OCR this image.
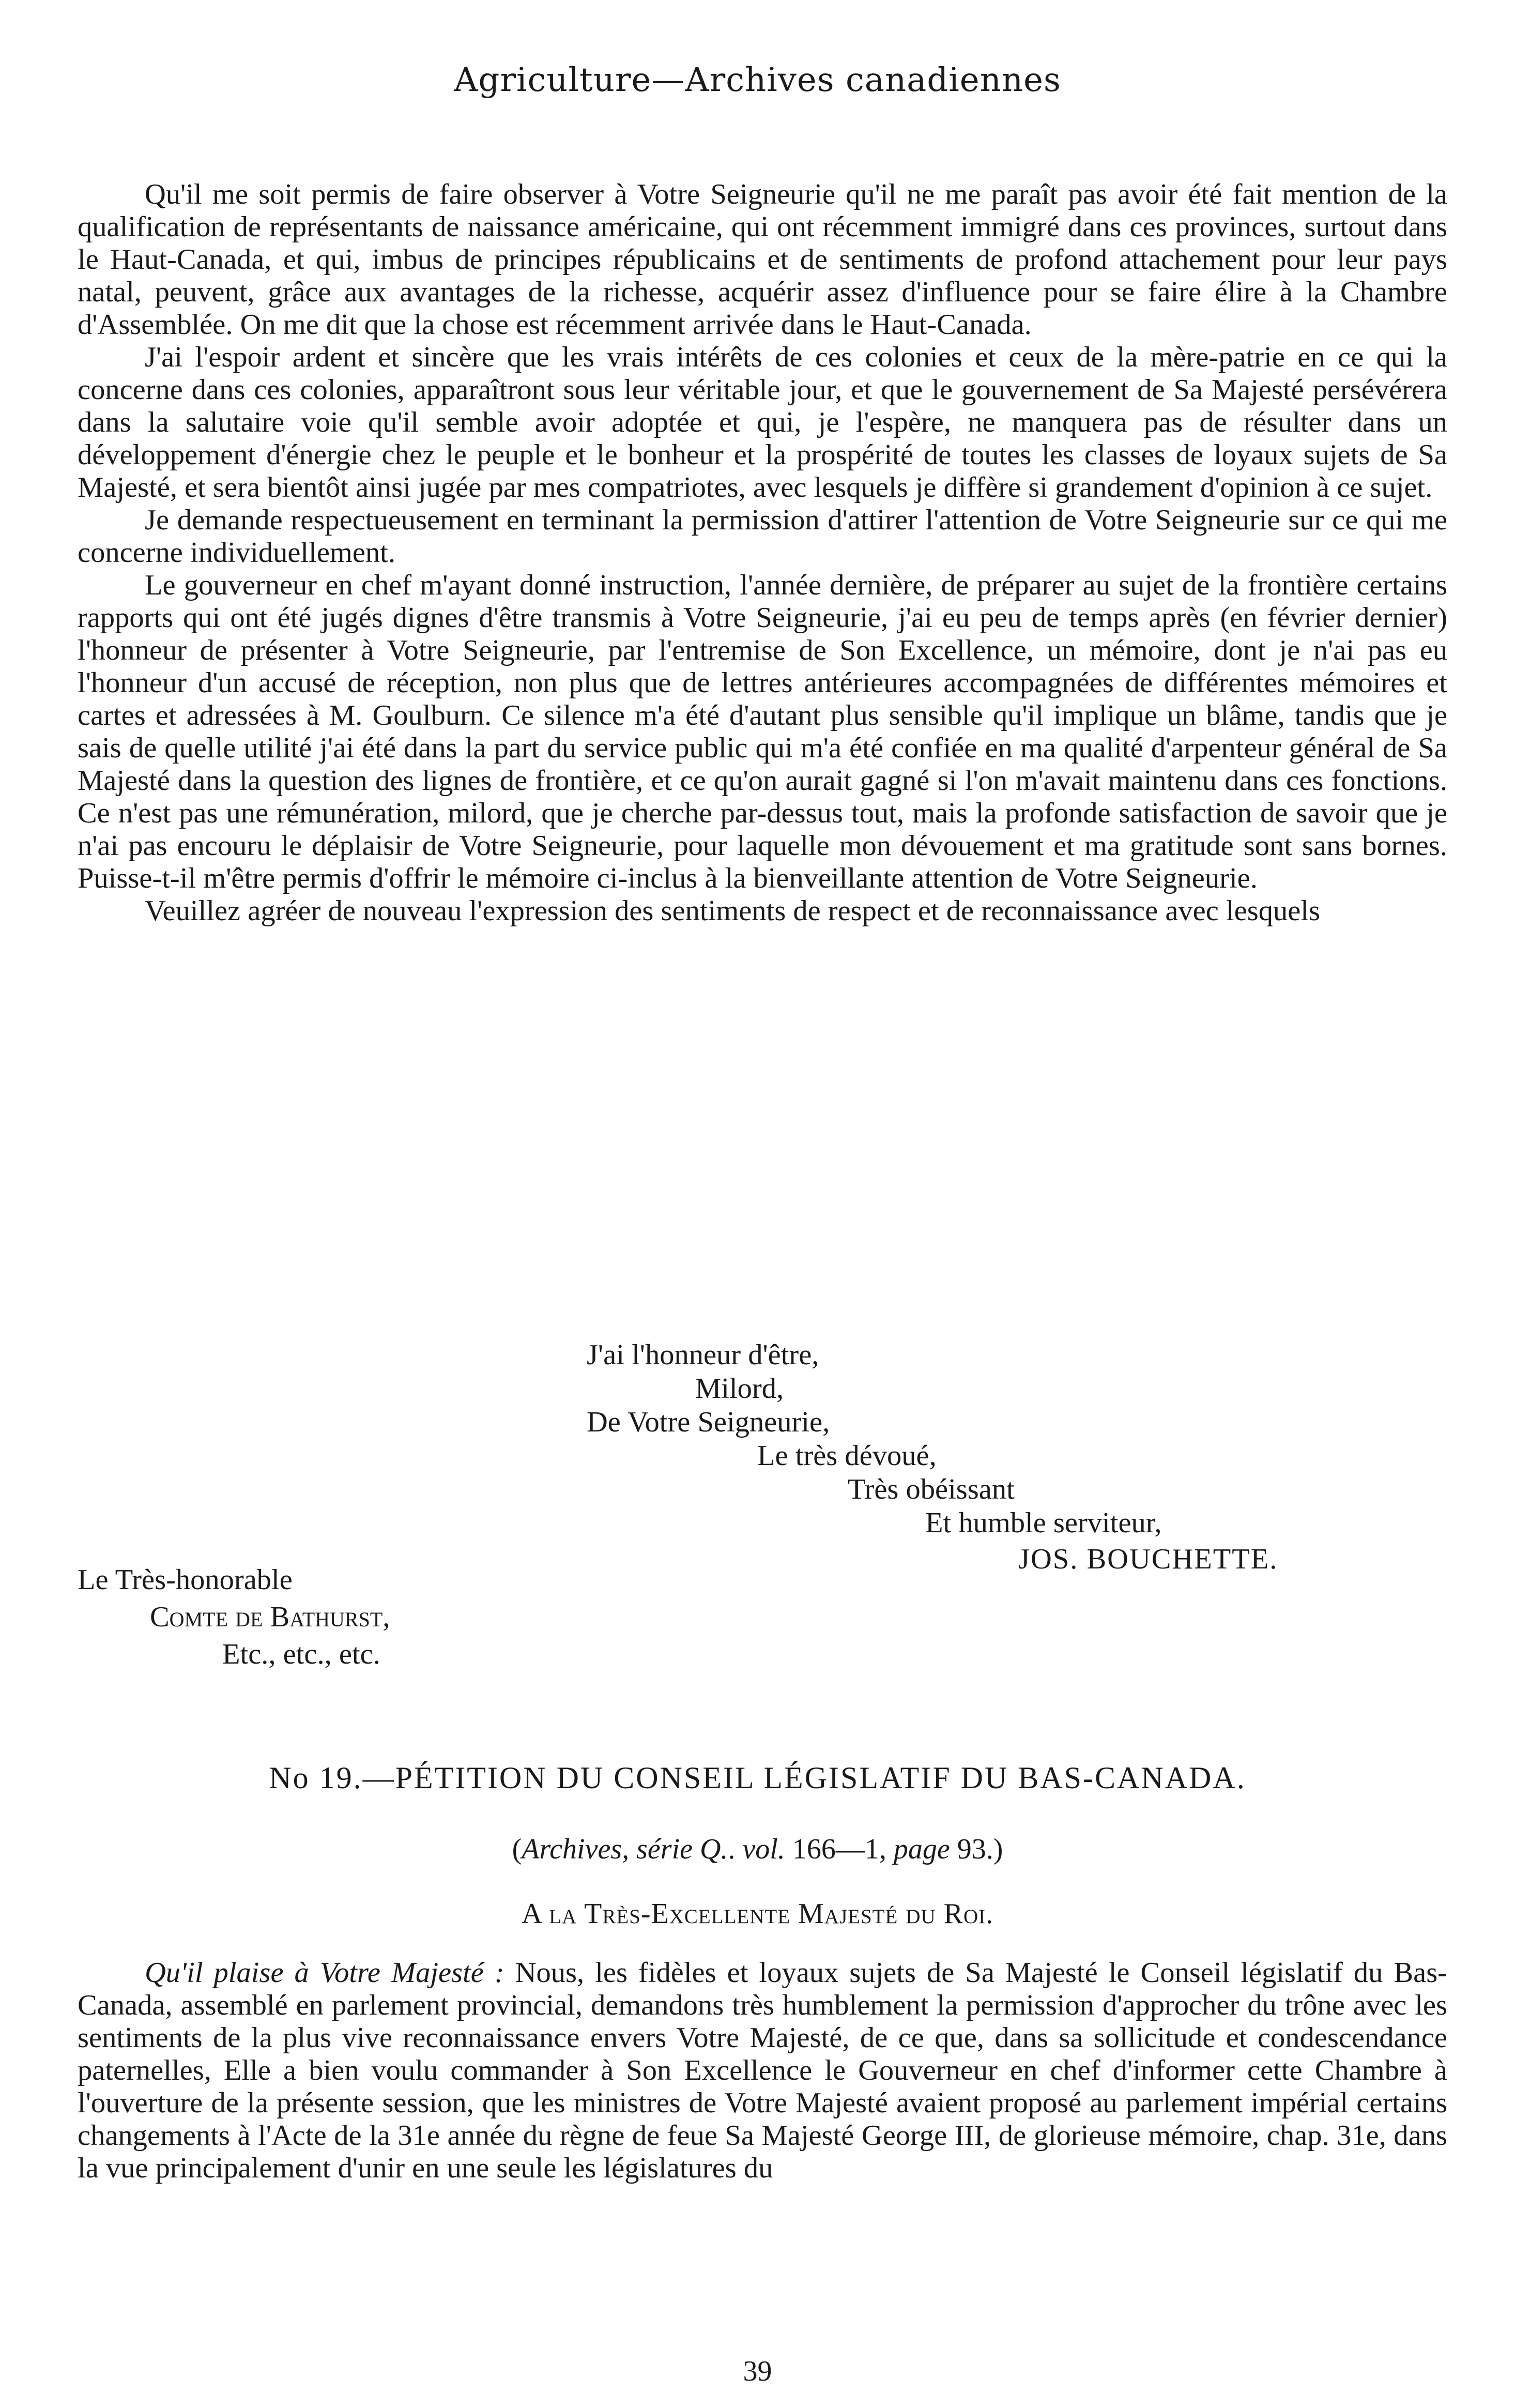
Agriculture—Archives canadiennes

Qu'il me soit permis de faire observer à Votre Seigneurie qu'il ne me paraît pas avoir été fait mention de la qualification de représentants de naissance américaine, qui ont récemment immigré dans ces provinces, surtout dans le Haut-Canada, et qui, imbus de principes républicains et de sentiments de profond attachement pour leur pays natal, peuvent, grâce aux avantages de la richesse, acquérir assez d'influence pour se faire élire à la Chambre d'Assemblée. On me dit que la chose est récemment arrivée dans le Haut-Canada.

J'ai l'espoir ardent et sincère que les vrais intérêts de ces colonies et ceux de la mère-patrie en ce qui la concerne dans ces colonies, apparaîtront sous leur véritable jour, et que le gouvernement de Sa Majesté persévérera dans la salutaire voie qu'il semble avoir adoptée et qui, je l'espère, ne manquera pas de résulter dans un développement d'énergie chez le peuple et le bonheur et la prospérité de toutes les classes de loyaux sujets de Sa Majesté, et sera bientôt ainsi jugée par mes compatriotes, avec lesquels je diffère si grandement d'opinion à ce sujet.

Je demande respectueusement en terminant la permission d'attirer l'attention de Votre Seigneurie sur ce qui me concerne individuellement.

Le gouverneur en chef m'ayant donné instruction, l'année dernière, de préparer au sujet de la frontière certains rapports qui ont été jugés dignes d'être transmis à Votre Seigneurie, j'ai eu peu de temps après (en février dernier) l'honneur de présenter à Votre Seigneurie, par l'entremise de Son Excellence, un mémoire, dont je n'ai pas eu l'honneur d'un accusé de réception, non plus que de lettres antérieures accompagnées de différentes mémoires et cartes et adressées à M. Goulburn. Ce silence m'a été d'autant plus sensible qu'il implique un blâme, tandis que je sais de quelle utilité j'ai été dans la part du service public qui m'a été confiée en ma qualité d'arpenteur général de Sa Majesté dans la question des lignes de frontière, et ce qu'on aurait gagné si l'on m'avait maintenu dans ces fonctions. Ce n'est pas une rémunération, milord, que je cherche par-dessus tout, mais la profonde satisfaction de savoir que je n'ai pas encouru le déplaisir de Votre Seigneurie, pour laquelle mon dévouement et ma gratitude sont sans bornes. Puisse-t-il m'être permis d'offrir le mémoire ci-inclus à la bienveillante attention de Votre Seigneurie.

Veuillez agréer de nouveau l'expression des sentiments de respect et de reconnaissance avec lesquels

J'ai l'honneur d'être,
Milord,
De Votre Seigneurie,
Le très dévoué,
Très obéissant
Et humble serviteur,
JOS. BOUCHETTE.
Le Très-honorable
Comte de Bathurst,
Etc., etc., etc.
No 19.—PÉTITION DU CONSEIL LÉGISLATIF DU BAS-CANADA.
(Archives, série Q.. vol. 166—1, page 93.)
A la Très-Excellente Majesté du Roi.

Qu'il plaise à Votre Majesté : Nous, les fidèles et loyaux sujets de Sa Majesté le Conseil législatif du Bas-Canada, assemblé en parlement provincial, demandons très humblement la permission d'approcher du trône avec les sentiments de la plus vive reconnaissance envers Votre Majesté, de ce que, dans sa sollicitude et condescendance paternelles, Elle a bien voulu commander à Son Excellence le Gouverneur en chef d'informer cette Chambre à l'ouverture de la présente session, que les ministres de Votre Majesté avaient proposé au parlement impérial certains changements à l'Acte de la 31e année du règne de feue Sa Majesté George III, de glorieuse mémoire, chap. 31e, dans la vue principalement d'unir en une seule les législatures du

39
